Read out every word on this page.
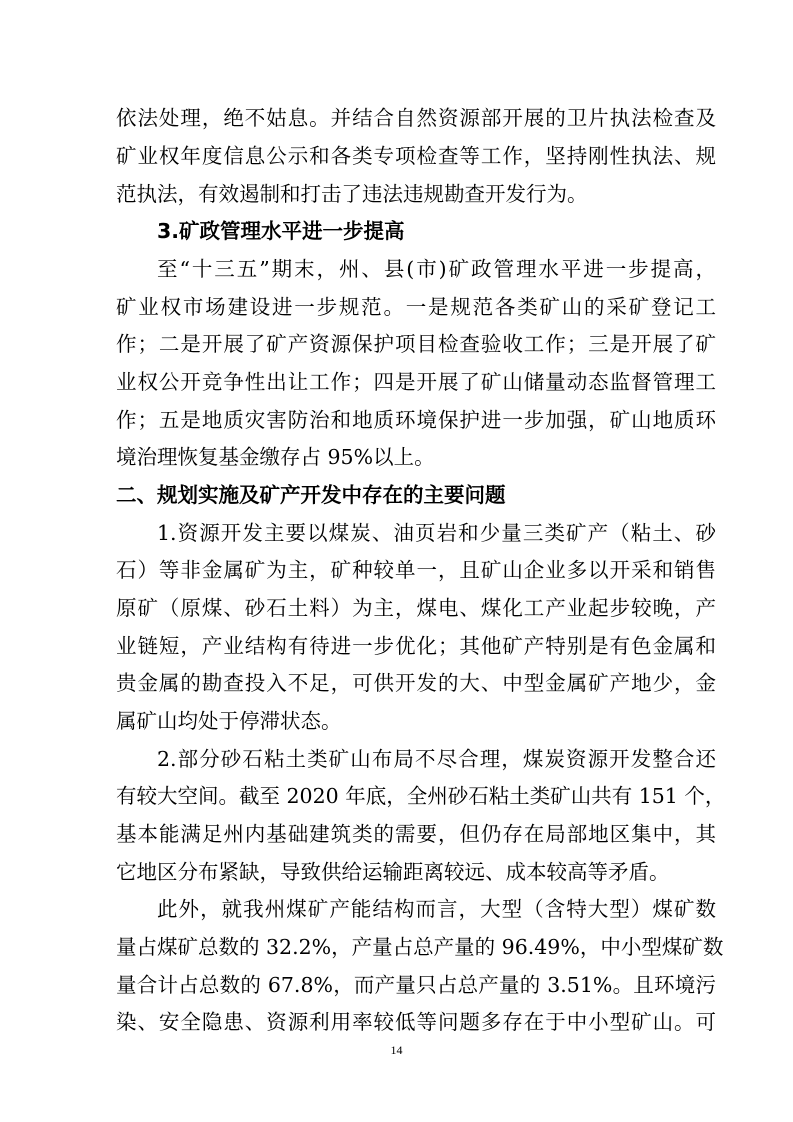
依法处理，绝不姑息。并结合自然资源部开展的卫片执法检查及
矿业权年度信息公示和各类专项检查等工作，坚持刚性执法、规
范执法，有效遏制和打击了违法违规勘查开发行为。
3.矿政管理水平进一步提高
至“十三五”期末，州、县(市)矿政管理水平进一步提高，
矿业权市场建设进一步规范。一是规范各类矿山的采矿登记工
作；二是开展了矿产资源保护项目检查验收工作；三是开展了矿
业权公开竞争性出让工作；四是开展了矿山储量动态监督管理工
作；五是地质灾害防治和地质环境保护进一步加强，矿山地质环
境治理恢复基金缴存占 95%以上。
二、规划实施及矿产开发中存在的主要问题
1.资源开发主要以煤炭、油页岩和少量三类矿产（粘土、砂
石）等非金属矿为主，矿种较单一，且矿山企业多以开采和销售
原矿（原煤、砂石土料）为主，煤电、煤化工产业起步较晚，产
业链短，产业结构有待进一步优化；其他矿产特别是有色金属和
贵金属的勘查投入不足，可供开发的大、中型金属矿产地少，金
属矿山均处于停滞状态。
2.部分砂石粘土类矿山布局不尽合理，煤炭资源开发整合还
有较大空间。截至 2020 年底，全州砂石粘土类矿山共有 151 个，
基本能满足州内基础建筑类的需要，但仍存在局部地区集中，其
它地区分布紧缺，导致供给运输距离较远、成本较高等矛盾。
此外，就我州煤矿产能结构而言，大型（含特大型）煤矿数
量占煤矿总数的 32.2%，产量占总产量的 96.49%，中小型煤矿数
量合计占总数的 67.8%，而产量只占总产量的 3.51%。且环境污
染、安全隐患、资源利用率较低等问题多存在于中小型矿山。可
14
